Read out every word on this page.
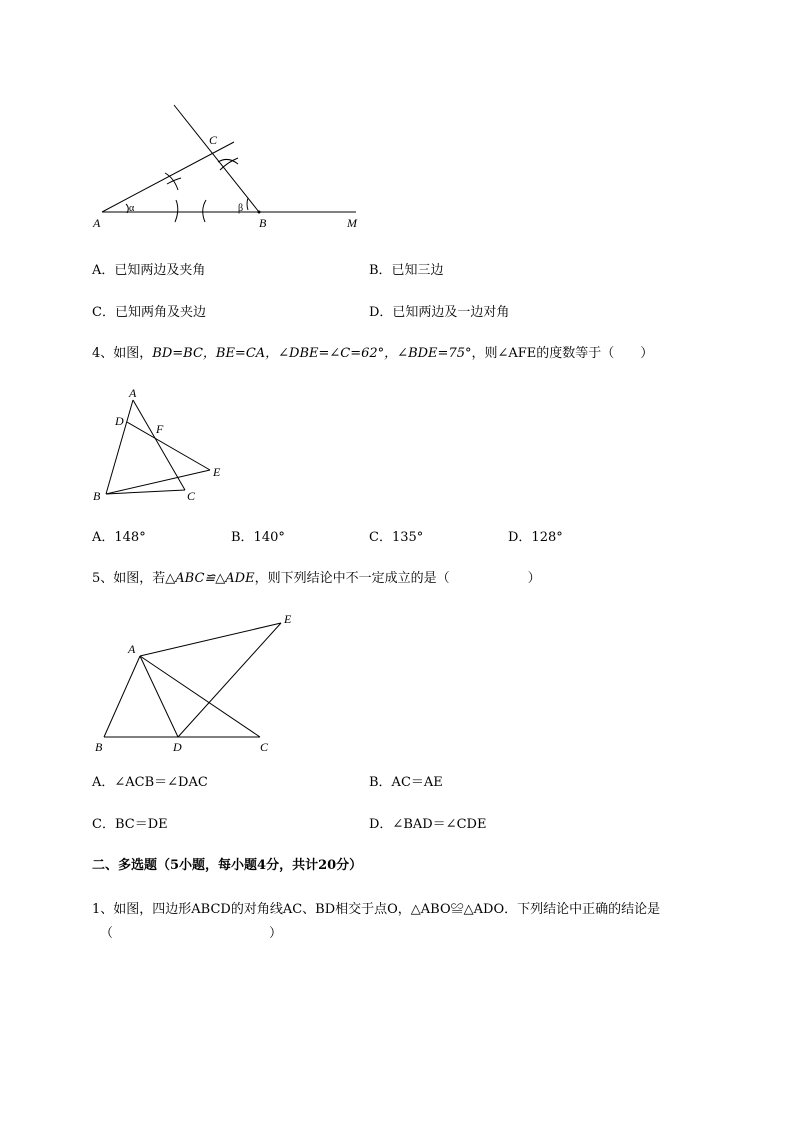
A	B
C
M
α	β
A．已知两边及夹角	B．已知三边
C．已知两角及夹边	D．已知两边及一边对角
4、如图，BD=BC，BE=CA，∠DBE=∠C=62°，∠BDE=75°，则∠AFE的度数等于（　　）
A
D
F
E
B	C
A．148°	B．140°	C．135°	D．128°
5、如图，若△ABC≌△ADE，则下列结论中不一定成立的是（　　　　　　）
A
E
B	D	C
A．∠ACB＝∠DAC	B．AC＝AE
C．BC＝DE	D．∠BAD＝∠CDE
二、多选题（5小题，每小题4分，共计20分）
1、如图，四边形ABCD的对角线AC、BD相交于点O，△ABO≌△ADO．下列结论中正确的结论是
（　　　　　　　　　　　　）
